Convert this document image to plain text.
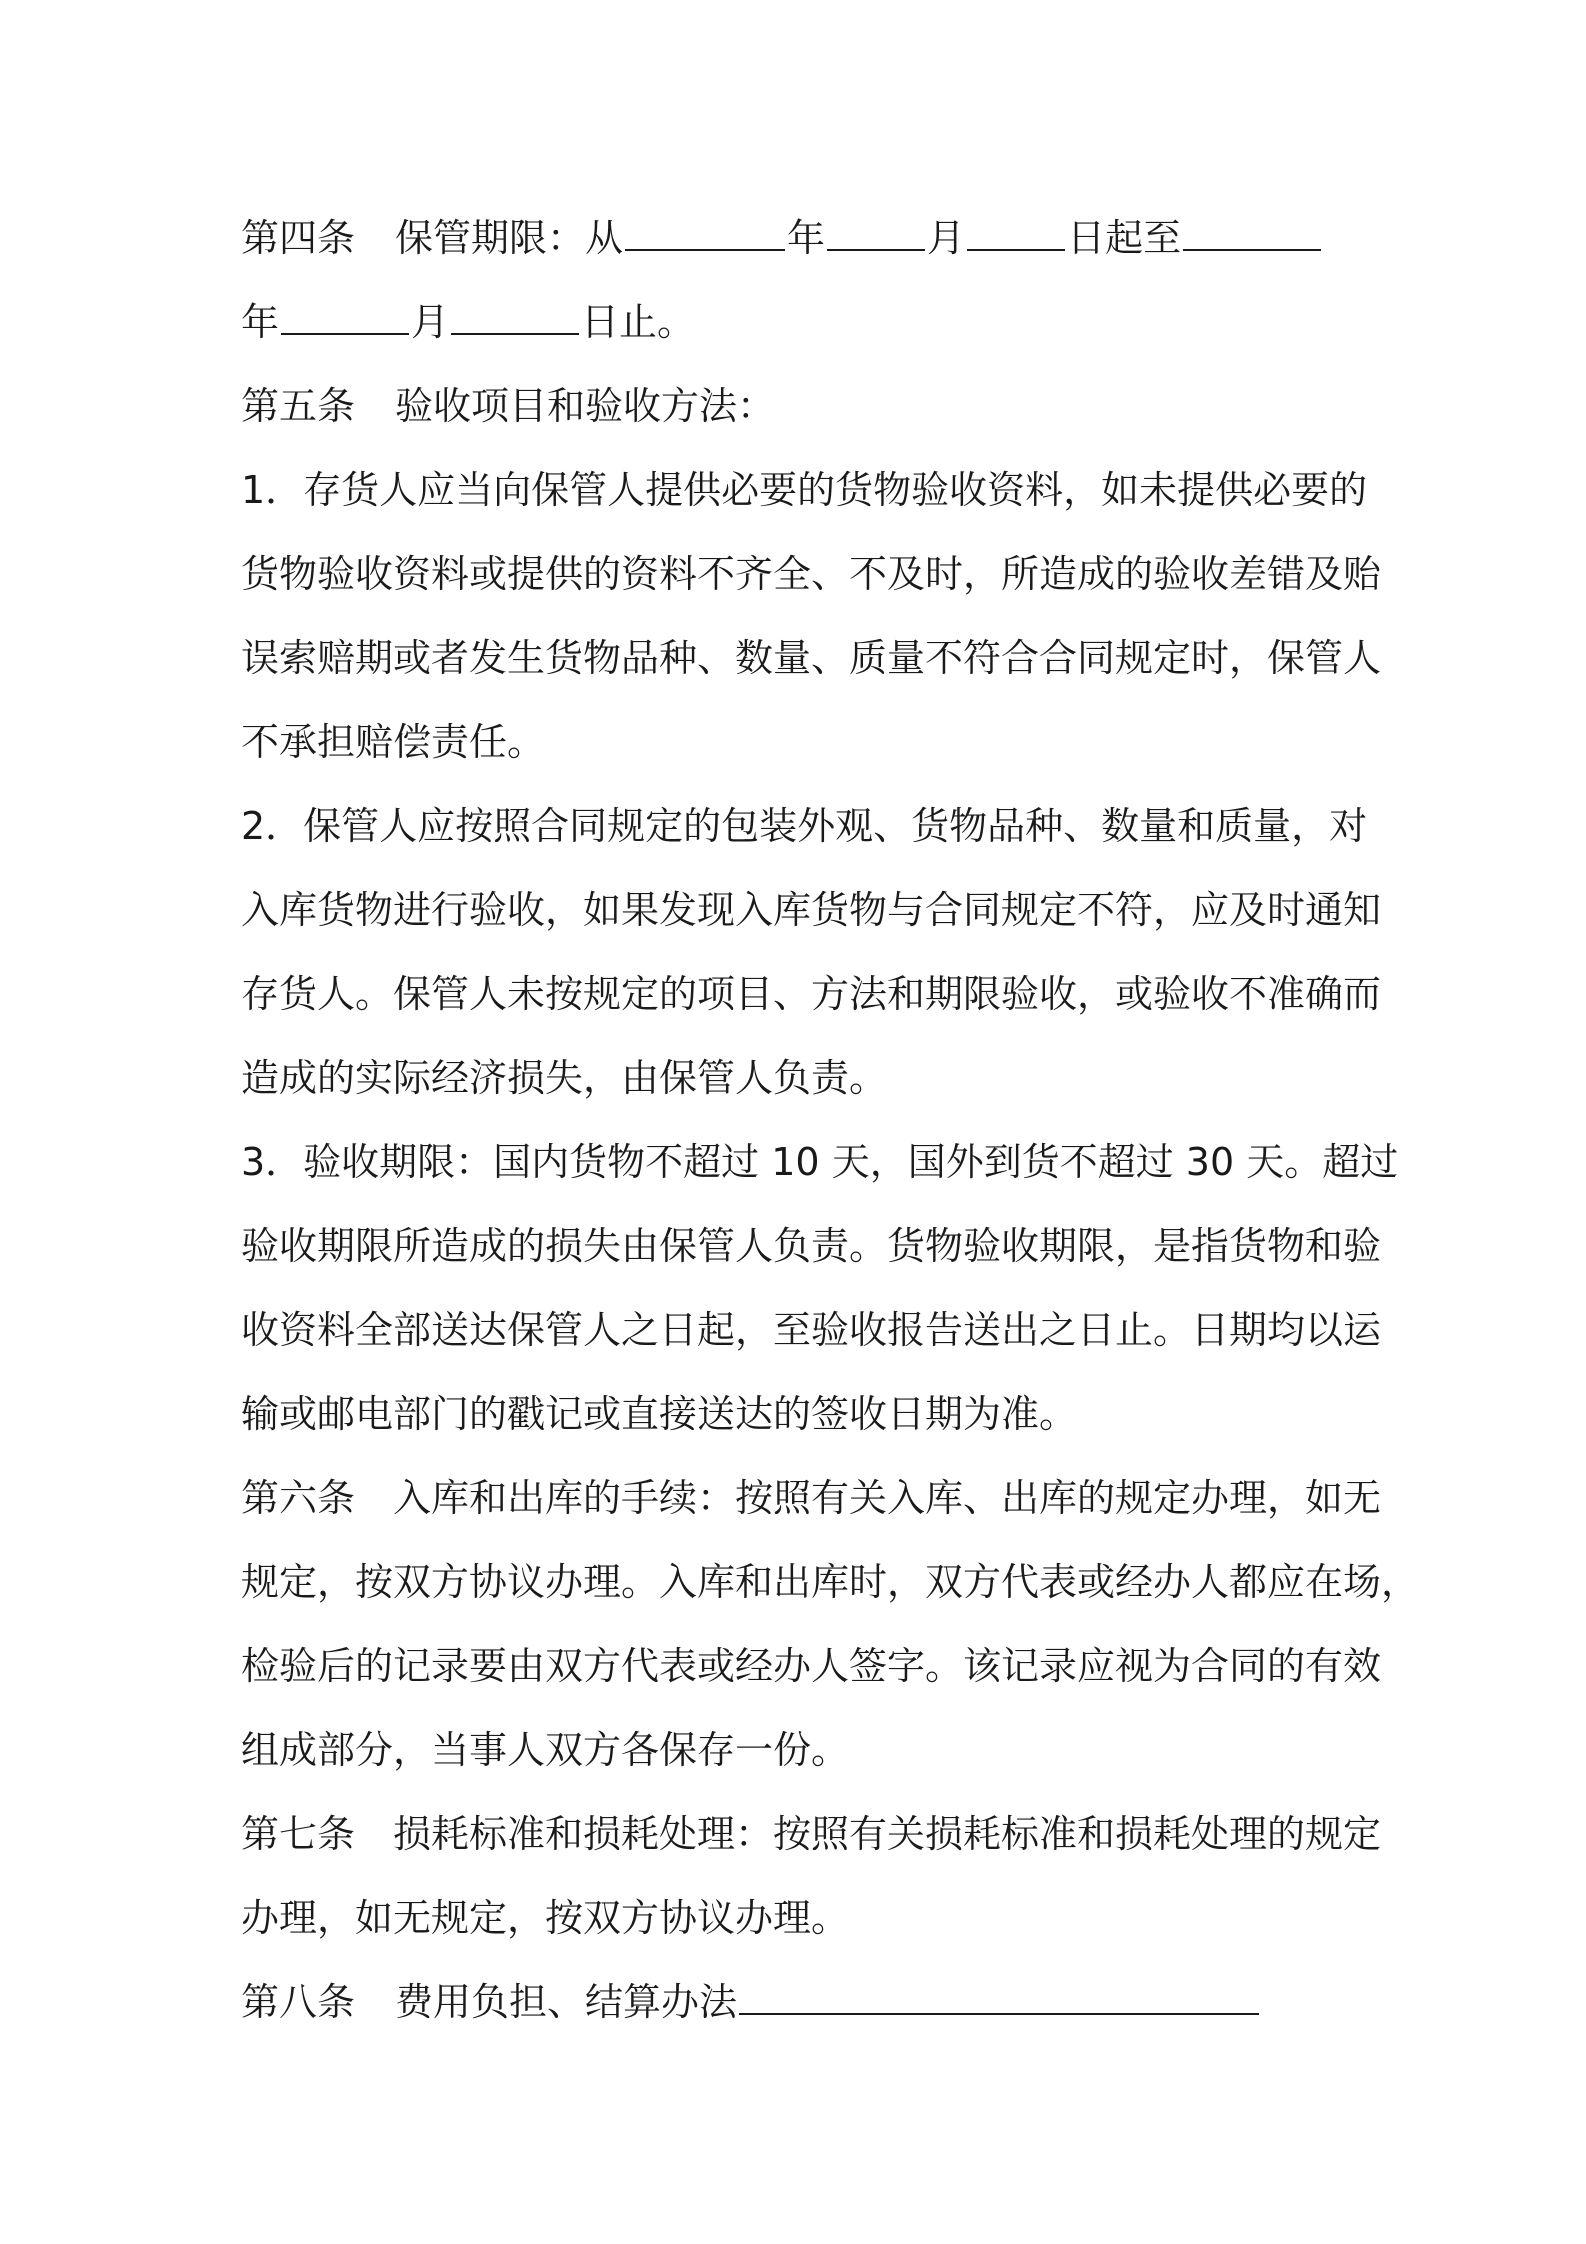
第四条 保管期限：从	年	月	日起至
年	月	日止。
第五条 验收项目和验收方法：
1．存货人应当向保管人提供必要的货物验收资料，如未提供必要的
货物验收资料或提供的资料不齐全、不及时，所造成的验收差错及贻
误索赔期或者发生货物品种、数量、质量不符合合同规定时，保管人
不承担赔偿责任。
2．保管人应按照合同规定的包装外观、货物品种、数量和质量，对
入库货物进行验收，如果发现入库货物与合同规定不符，应及时通知
存货人。保管人未按规定的项目、方法和期限验收，或验收不准确而
造成的实际经济损失，由保管人负责。
3．验收期限：国内货物不超过 10 天，国外到货不超过 30 天。超过
验收期限所造成的损失由保管人负责。货物验收期限，是指货物和验
收资料全部送达保管人之日起，至验收报告送出之日止。日期均以运
输或邮电部门的戳记或直接送达的签收日期为准。
第六条　入库和出库的手续：按照有关入库、出库的规定办理，如无
规定，按双方协议办理。入库和出库时，双方代表或经办人都应在场，
检验后的记录要由双方代表或经办人签字。该记录应视为合同的有效
组成部分，当事人双方各保存一份。
第七条　损耗标准和损耗处理：按照有关损耗标准和损耗处理的规定
办理，如无规定，按双方协议办理。
第八条 费用负担、结算办法
